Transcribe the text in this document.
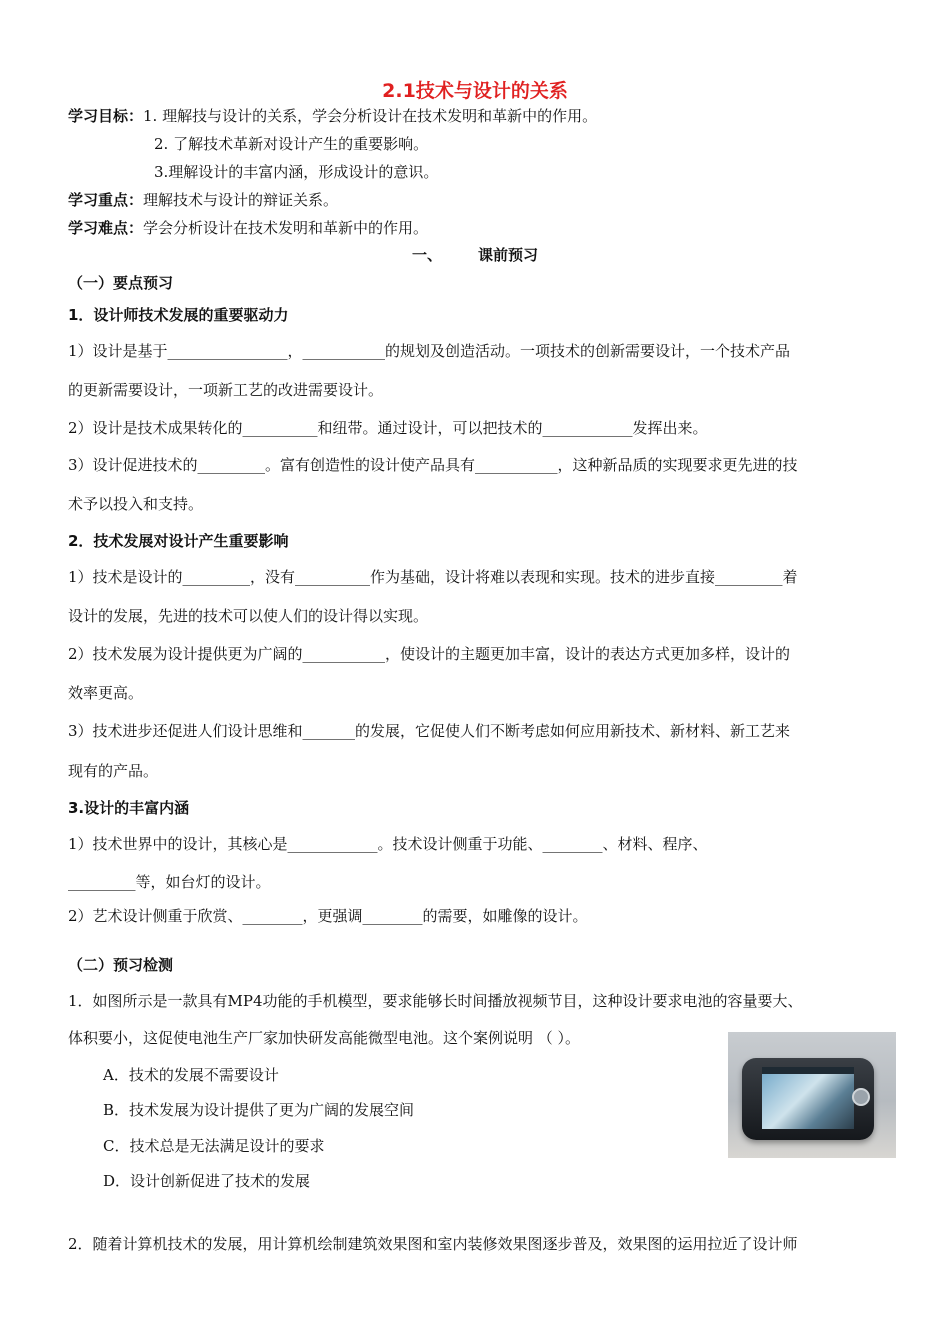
2.1技术与设计的关系
学习目标：1. 理解技与设计的关系，学会分析设计在技术发明和革新中的作用。
2. 了解技术革新对设计产生的重要影响。
3.理解设计的丰富内涵，形成设计的意识。
学习重点：理解技术与设计的辩证关系。
学习难点：学会分析设计在技术发明和革新中的作用。
一、 课前预习
（一）要点预习
1．设计师技术发展的重要驱动力
1）设计是基于________________，___________的规划及创造活动。一项技术的创新需要设计，一个技术产品
的更新需要设计，一项新工艺的改进需要设计。
2）设计是技术成果转化的__________和纽带。通过设计，可以把技术的____________发挥出来。
3）设计促进技术的_________。富有创造性的设计使产品具有___________，这种新品质的实现要求更先进的技
术予以投入和支持。
2．技术发展对设计产生重要影响
1）技术是设计的_________，没有__________作为基础，设计将难以表现和实现。技术的进步直接_________着
设计的发展，先进的技术可以使人们的设计得以实现。
2）技术发展为设计提供更为广阔的___________，使设计的主题更加丰富，设计的表达方式更加多样，设计的
效率更高。
3）技术进步还促进人们设计思维和_______的发展，它促使人们不断考虑如何应用新技术、新材料、新工艺来
现有的产品。
3.设计的丰富内涵
1）技术世界中的设计，其核心是____________。技术设计侧重于功能、________、材料、程序、
_________等，如台灯的设计。
2）艺术设计侧重于欣赏、________，更强调________的需要，如雕像的设计。
（二）预习检测
1．如图所示是一款具有MP4功能的手机模型，要求能够长时间播放视频节目，这种设计要求电池的容量要大、
体积要小，这促使电池生产厂家加快研发高能微型电池。这个案例说明 （ ）。
A．技术的发展不需要设计
B．技术发展为设计提供了更为广阔的发展空间
C．技术总是无法满足设计的要求
D．设计创新促进了技术的发展
2．随着计算机技术的发展，用计算机绘制建筑效果图和室内装修效果图逐步普及，效果图的运用拉近了设计师
